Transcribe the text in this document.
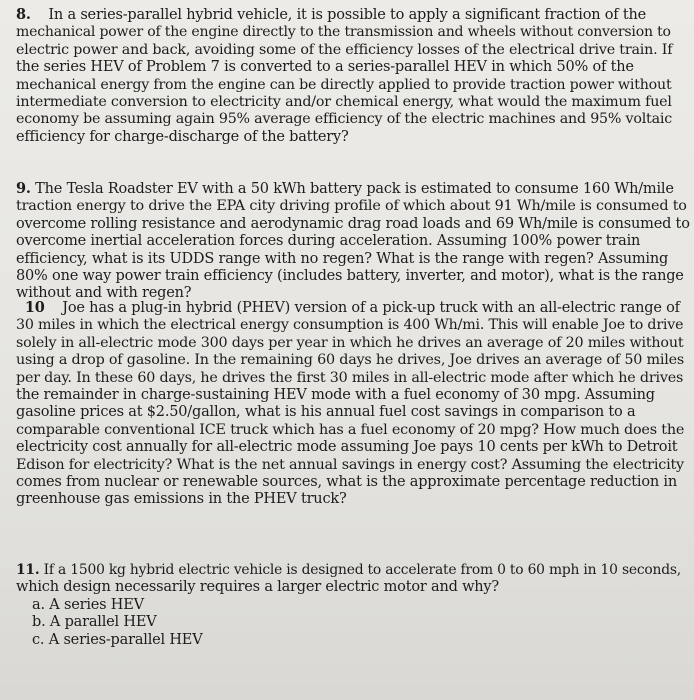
8. In a series-parallel hybrid vehicle, it is possible to apply a significant fraction of the
mechanical power of the engine directly to the transmission and wheels without conversion to
electric power and back, avoiding some of the efficiency losses of the electrical drive train. If
the series HEV of Problem 7 is converted to a series-parallel HEV in which 50% of the
mechanical energy from the engine can be directly applied to provide traction power without
intermediate conversion to electricity and/or chemical energy, what would the maximum fuel
economy be assuming again 95% average efficiency of the electric machines and 95% voltaic
efficiency for charge-discharge of the battery?
9. The Tesla Roadster EV with a 50 kWh battery pack is estimated to consume 160 Wh/mile
traction energy to drive the EPA city driving profile of which about 91 Wh/mile is consumed to
overcome rolling resistance and aerodynamic drag road loads and 69 Wh/mile is consumed to
overcome inertial acceleration forces during acceleration. Assuming 100% power train
efficiency, what is its UDDS range with no regen? What is the range with regen? Assuming
80% one way power train efficiency (includes battery, inverter, and motor), what is the range
without and with regen?
10 Joe has a plug-in hybrid (PHEV) version of a pick-up truck with an all-electric range of
30 miles in which the electrical energy consumption is 400 Wh/mi. This will enable Joe to drive
solely in all-electric mode 300 days per year in which he drives an average of 20 miles without
using a drop of gasoline. In the remaining 60 days he drives, Joe drives an average of 50 miles
per day. In these 60 days, he drives the first 30 miles in all-electric mode after which he drives
the remainder in charge-sustaining HEV mode with a fuel economy of 30 mpg. Assuming
gasoline prices at $2.50/gallon, what is his annual fuel cost savings in comparison to a
comparable conventional ICE truck which has a fuel economy of 20 mpg? How much does the
electricity cost annually for all-electric mode assuming Joe pays 10 cents per kWh to Detroit
Edison for electricity? What is the net annual savings in energy cost? Assuming the electricity
comes from nuclear or renewable sources, what is the approximate percentage reduction in
greenhouse gas emissions in the PHEV truck?
11. If a 1500 kg hybrid electric vehicle is designed to accelerate from 0 to 60 mph in 10 seconds,
which design necessarily requires a larger electric motor and why?
a. A series HEV
b. A parallel HEV
c. A series-parallel HEV
